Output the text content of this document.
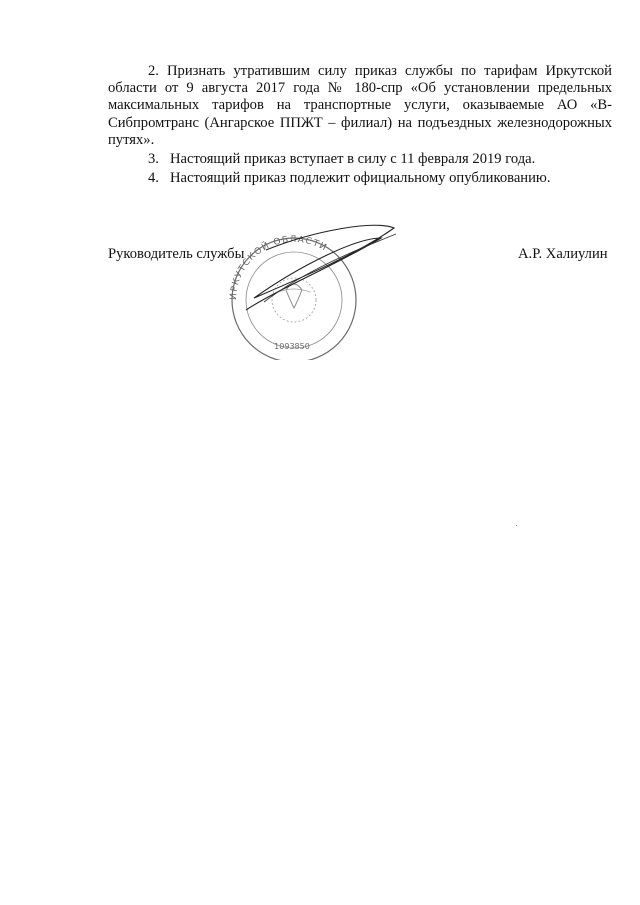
2. Признать утратившим силу приказ службы по тарифам Иркутской области от 9 августа 2017 года № 180-спр «Об установлении предельных максимальных тарифов на транспортные услуги, оказываемые АО «В-Сибпромтранс (Ангарское ППЖТ – филиал) на подъездных железнодорожных путях».

3. Настоящий приказ вступает в силу с 11 февраля 2019 года.

4. Настоящий приказ подлежит официальному опубликованию.

ИРКУТСКОЙ ОБЛАСТИ
1093850
Руководитель службы	А.Р. Халиулин
